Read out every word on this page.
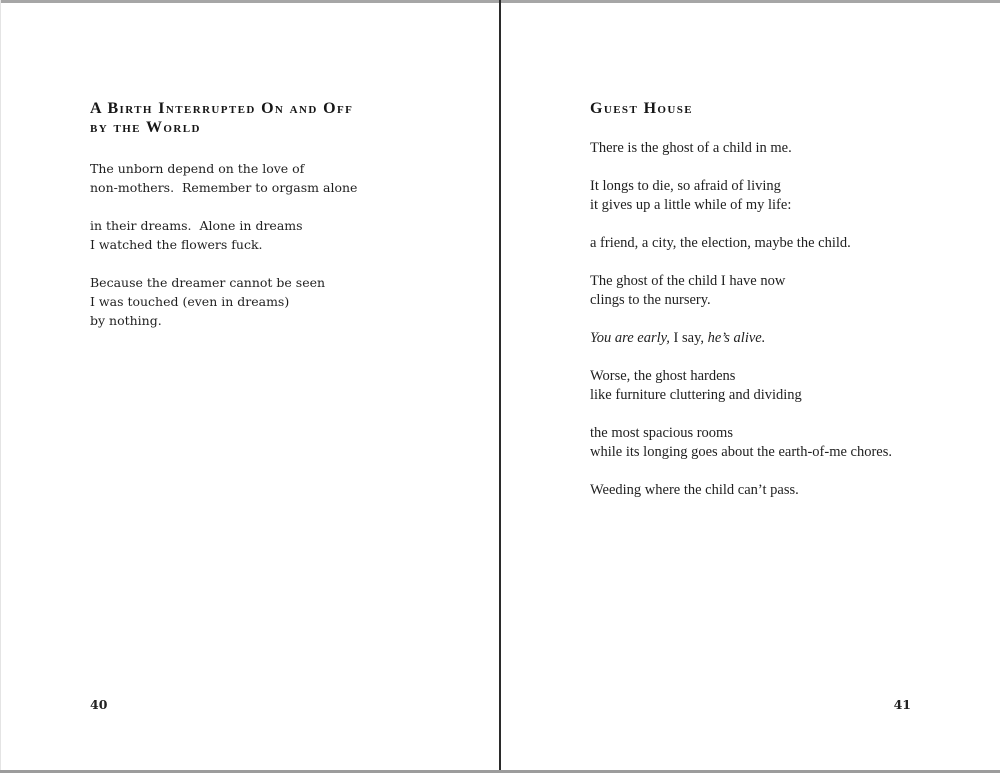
A Birth Interrupted On and Off
by the World
The unborn depend on the love of
non-mothers.  Remember to orgasm alone
in their dreams.  Alone in dreams
I watched the flowers fuck.
Because the dreamer cannot be seen
I was touched (even in dreams)
by nothing.
Guest House
There is the ghost of a child in me.
It longs to die, so afraid of living
it gives up a little while of my life:
a friend, a city, the election, maybe the child.
The ghost of the child I have now
clings to the nursery.
You are early, I say, he’s alive.
Worse, the ghost hardens
like furniture cluttering and dividing
the most spacious rooms
while its longing goes about the earth-of-me chores.
Weeding where the child can’t pass.
40	41
